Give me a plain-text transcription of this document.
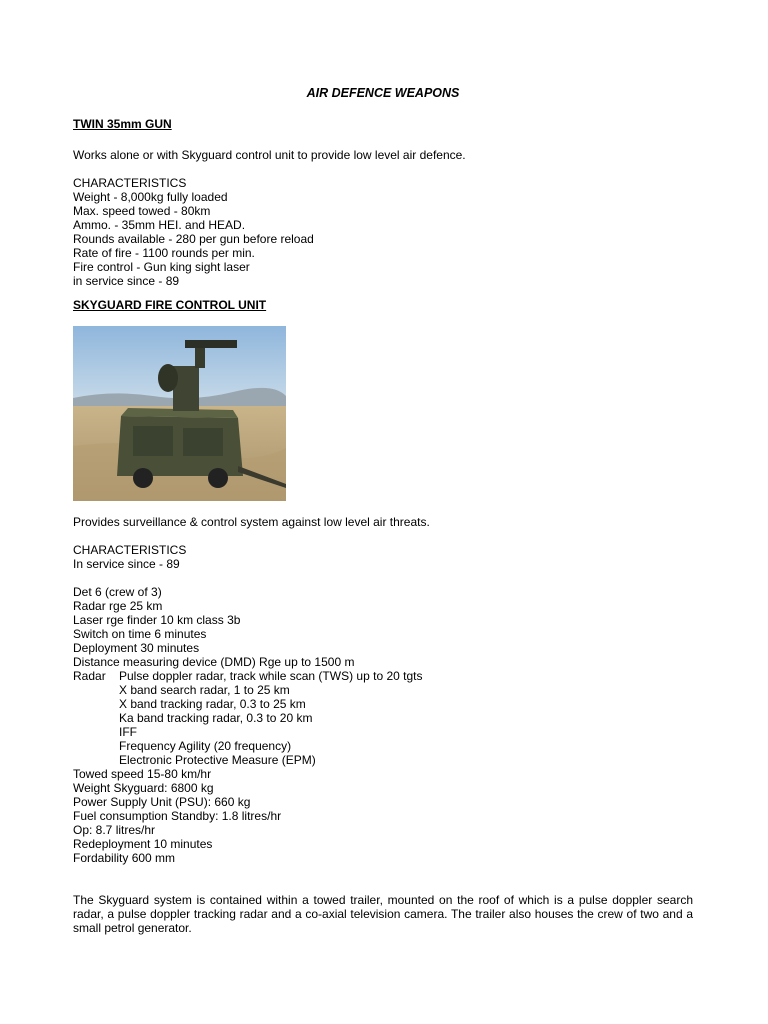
AIR DEFENCE WEAPONS
TWIN 35mm GUN
Works alone or with Skyguard control unit to provide low level air defence.
CHARACTERISTICS
Weight - 8,000kg fully loaded
Max. speed towed - 80km
Ammo. - 35mm HEI. and HEAD.
Rounds available - 280 per gun before reload
Rate of fire - 1100 rounds per min.
Fire control - Gun king sight laser
in service since - 89
SKYGUARD FIRE CONTROL UNIT
Provides surveillance & control system against low level air threats.
CHARACTERISTICS
In service since - 89
Det 6 (crew of 3)
Radar rge 25 km
Laser rge finder 10 km class 3b
Switch on time 6 minutes
Deployment 30 minutes
Distance measuring device (DMD) Rge up to 1500 m
Radar	Pulse doppler radar, track while scan (TWS) up to 20 tgts
X band search radar, 1 to 25 km
X band tracking radar, 0.3 to 25 km
Ka band tracking radar, 0.3 to 20 km
IFF
Frequency Agility (20 frequency)
Electronic Protective Measure (EPM)
Towed speed 15-80 km/hr
Weight Skyguard: 6800 kg
Power Supply Unit (PSU): 660 kg
Fuel consumption Standby: 1.8 litres/hr
Op: 8.7 litres/hr
Redeployment 10 minutes
Fordability 600 mm
The Skyguard system is contained within a towed trailer, mounted on the roof of which is a pulse doppler search radar, a pulse doppler tracking radar and a co-axial television camera. The trailer also houses the crew of two and a small petrol generator.
